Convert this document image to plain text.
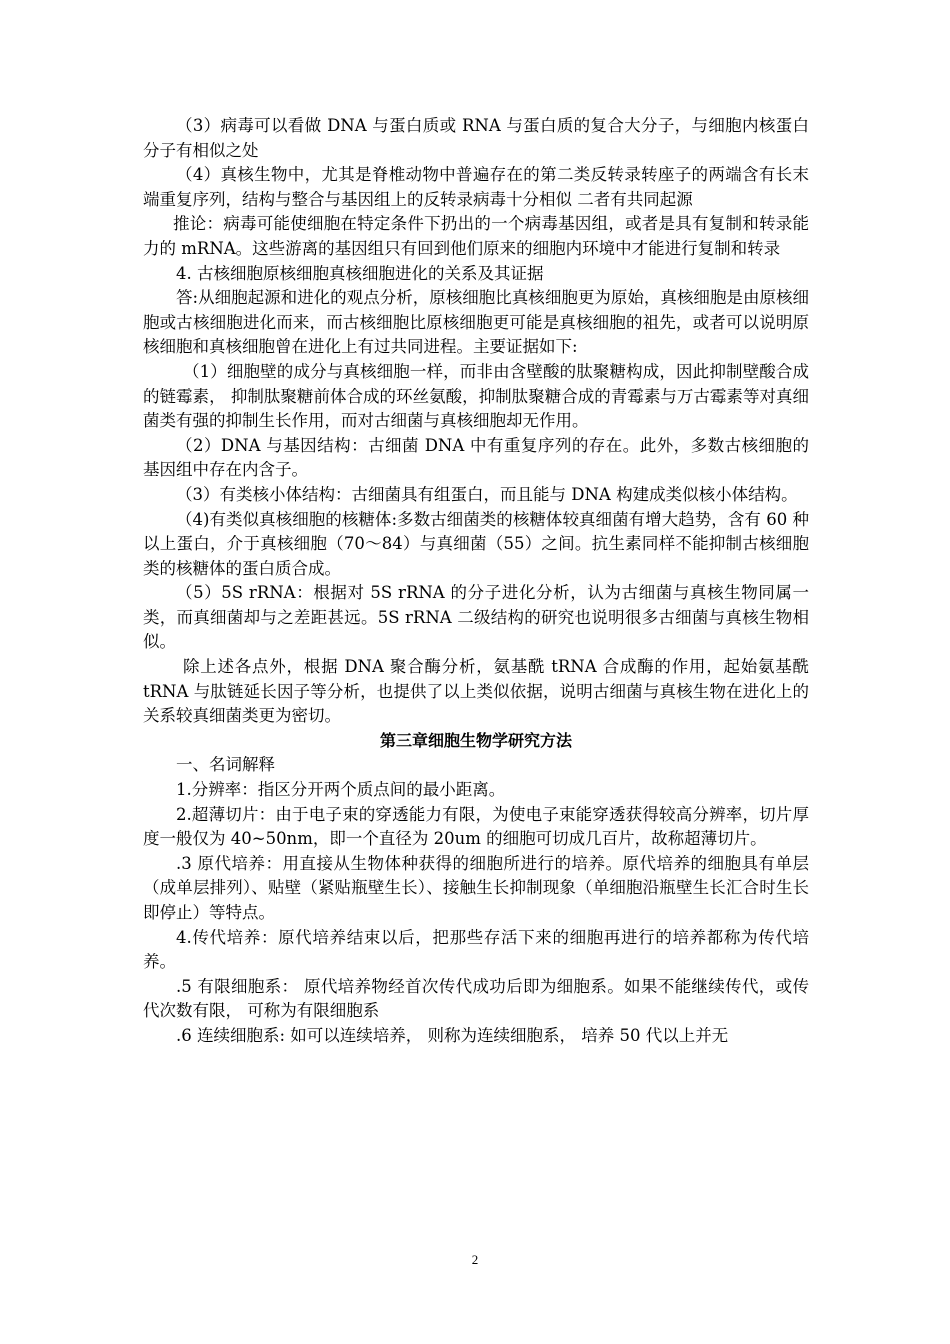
（3）病毒可以看做 DNA 与蛋白质或 RNA 与蛋白质的复合大分子，与细胞内核蛋白分子有相似之处

（4）真核生物中，尤其是脊椎动物中普遍存在的第二类反转录转座子的两端含有长末端重复序列，结构与整合与基因组上的反转录病毒十分相似 二者有共同起源

推论：病毒可能使细胞在特定条件下扔出的一个病毒基因组，或者是具有复制和转录能力的 mRNA。这些游离的基因组只有回到他们原来的细胞内环境中才能进行复制和转录

4. 古核细胞原核细胞真核细胞进化的关系及其证据

答:从细胞起源和进化的观点分析，原核细胞比真核细胞更为原始，真核细胞是由原核细胞或古核细胞进化而来，而古核细胞比原核细胞更可能是真核细胞的祖先，或者可以说明原核细胞和真核细胞曾在进化上有过共同进程。主要证据如下:

（1）细胞壁的成分与真核细胞一样，而非由含壁酸的肽聚糖构成，因此抑制壁酸合成的链霉素， 抑制肽聚糖前体合成的环丝氨酸，抑制肽聚糖合成的青霉素与万古霉素等对真细菌类有强的抑制生长作用，而对古细菌与真核细胞却无作用。

（2）DNA 与基因结构：古细菌 DNA 中有重复序列的存在。此外，多数古核细胞的基因组中存在内含子。

（3）有类核小体结构：古细菌具有组蛋白，而且能与 DNA 构建成类似核小体结构。

（4)有类似真核细胞的核糖体:多数古细菌类的核糖体较真细菌有增大趋势，含有 60 种以上蛋白，介于真核细胞（70～84）与真细菌（55）之间。抗生素同样不能抑制古核细胞类的核糖体的蛋白质合成。

（5）5S rRNA：根据对 5S rRNA 的分子进化分析，认为古细菌与真核生物同属一类，而真细菌却与之差距甚远。5S rRNA 二级结构的研究也说明很多古细菌与真核生物相似。

除上述各点外，根据 DNA 聚合酶分析，氨基酰 tRNA 合成酶的作用，起始氨基酰 tRNA 与肽链延长因子等分析，也提供了以上类似依据，说明古细菌与真核生物在进化上的关系较真细菌类更为密切。

第三章细胞生物学研究方法

一、名词解释

1.分辨率：指区分开两个质点间的最小距离。

2.超薄切片：由于电子束的穿透能力有限，为使电子束能穿透获得较高分辨率，切片厚度一般仅为 40~50nm，即一个直径为 20um 的细胞可切成几百片，故称超薄切片。

.3 原代培养：用直接从生物体种获得的细胞所进行的培养。原代培养的细胞具有单层（成单层排列）、贴壁（紧贴瓶壁生长）、接触生长抑制现象（单细胞沿瓶壁生长汇合时生长即停止）等特点。

4.传代培养：原代培养结束以后，把那些存活下来的细胞再进行的培养都称为传代培养。

.5 有限细胞系： 原代培养物经首次传代成功后即为细胞系。如果不能继续传代，或传代次数有限， 可称为有限细胞系

.6 连续细胞系: 如可以连续培养， 则称为连续细胞系， 培养 50 代以上并无

2
